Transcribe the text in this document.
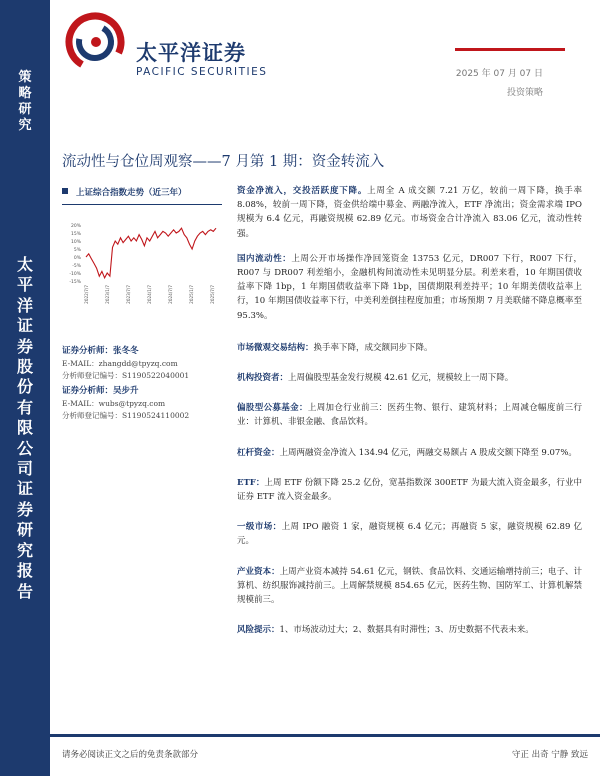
策
略
研
究
太
平
洋
证
券
股
份
有
限
公
司
证
券
研
究
报
告
太平洋证券
PACIFIC SECURITIES	2025 年 07 月 07 日
投资策略
流动性与仓位周观察——7 月第 1 期：资金转流入
上证综合指数走势（近三年）
20%
15%
10%
5%
0%
-5%
-10%
-15%
2022/7/7	2023/1/7	2023/7/7	2024/1/7	2024/7/7	2025/1/7	2025/7/7
证券分析师：张冬冬
E-MAIL：zhangdd@tpyzq.com
分析师登记编号：S1190522040001
证券分析师：吴步升
E-MAIL：wubs@tpyzq.com
分析师登记编号：S1190524110002

资金净流入，交投活跃度下降。上周全 A 成交额 7.21 万亿，较前一周下降，换手率 8.08%，较前一周下降，资金供给端中募金、两融净流入，ETF 净流出；资金需求端 IPO 规模为 6.4 亿元，再融资规模 62.89 亿元。市场资金合计净流入 83.06 亿元，流动性转强。

国内流动性：上周公开市场操作净回笼资金 13753 亿元，DR007 下行，R007 下行，R007 与 DR007 利差缩小，金融机构间流动性未见明显分层。利差来看，10 年期国债收益率下降 1bp，1 年期国债收益率下降 1bp，国债期限利差持平；10 年期美债收益率上行，10 年期国债收益率下行，中美利差倒挂程度加重；市场预期 7 月美联储不降息概率至 95.3%。

市场微观交易结构：换手率下降，成交额同步下降。

机构投资者：上周偏股型基金发行规模 42.61 亿元，规模较上一周下降。

偏股型公募基金：上周加仓行业前三：医药生物、银行、建筑材料；上周减仓幅度前三行业：计算机、非银金融、食品饮料。

杠杆资金：上周两融资金净流入 134.94 亿元，两融交易额占 A 股成交额下降至 9.07%。

ETF：上周 ETF 份额下降 25.2 亿份，宽基指数深 300ETF 为最大流入资金最多，行业中证券 ETF 流入资金最多。

一级市场：上周 IPO 融资 1 家，融资规模 6.4 亿元；再融资 5 家，融资规模 62.89 亿元。

产业资本：上周产业资本减持 54.61 亿元，钢铁、食品饮料、交通运输增持前三；电子、计算机、纺织服饰减持前三。上周解禁规模 854.65 亿元，医药生物、国防军工、计算机解禁规模前三。

风险提示：1、市场波动过大；2、数据具有时滞性；3、历史数据不代表未来。

请务必阅读正文之后的免责条款部分	守正 出奇 宁静 致远
